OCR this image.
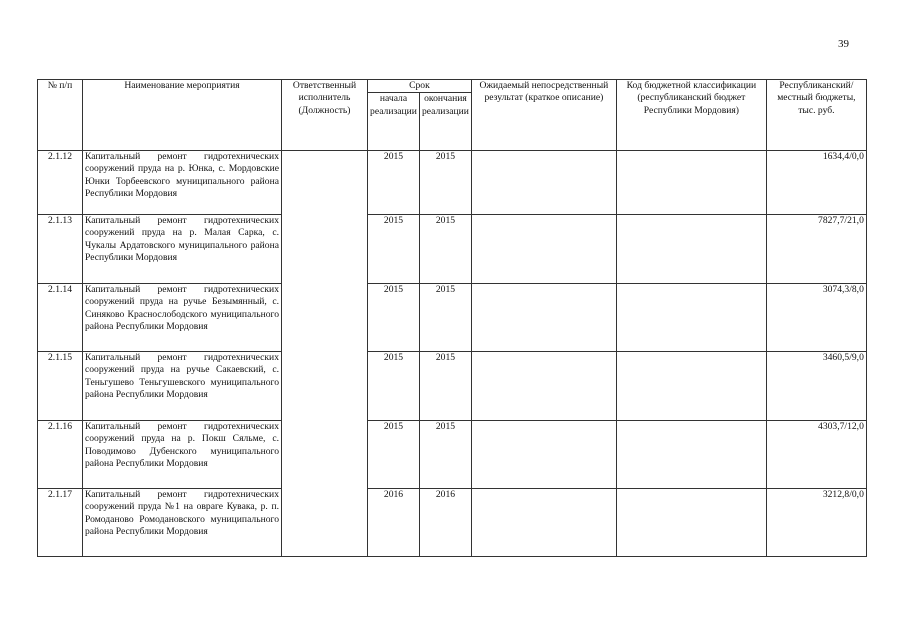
39
№ п/п	Наименование мероприятия	Ответственный исполнитель (Должность)	Срок		Ожидаемый непосредственный результат (краткое описание)	Код бюджетной классификации (республиканский бюджет Республики Мордовия)	Республиканский/местный бюджеты, тыс. руб.
			начала реализации	окончания реализации			
2.1.12	Капитальный ремонт гидротехнических сооружений пруда на р. Юнка, с. Мордовские Юнки Торбеевского муниципального района Республики Мордовия		2015	2015			1634,4/0,0
2.1.13	Капитальный ремонт гидротехнических сооружений пруда на р. Малая Сарка, с. Чукалы Ардатовского муниципального района Республики Мордовия		2015	2015			7827,7/21,0
2.1.14	Капитальный ремонт гидротехнических сооружений пруда на ручье Безымянный, с. Синяково Краснослободского муниципального района Республики Мордовия		2015	2015			3074,3/8,0
2.1.15	Капитальный ремонт гидротехнических сооружений пруда на ручье Сакаевский, с. Теньгушево Теньгушевского муниципального района Республики Мордовия		2015	2015			3460,5/9,0
2.1.16	Капитальный ремонт гидротехнических сооружений пруда на р. Покш Сяльме, с. Поводимово Дубенского муниципального района Республики Мордовия		2015	2015			4303,7/12,0
2.1.17	Капитальный ремонт гидротехнических сооружений пруда №1 на овраге Кувака, р. п. Ромоданово Ромодановского муниципального района Республики Мордовия		2016	2016			3212,8/0,0
